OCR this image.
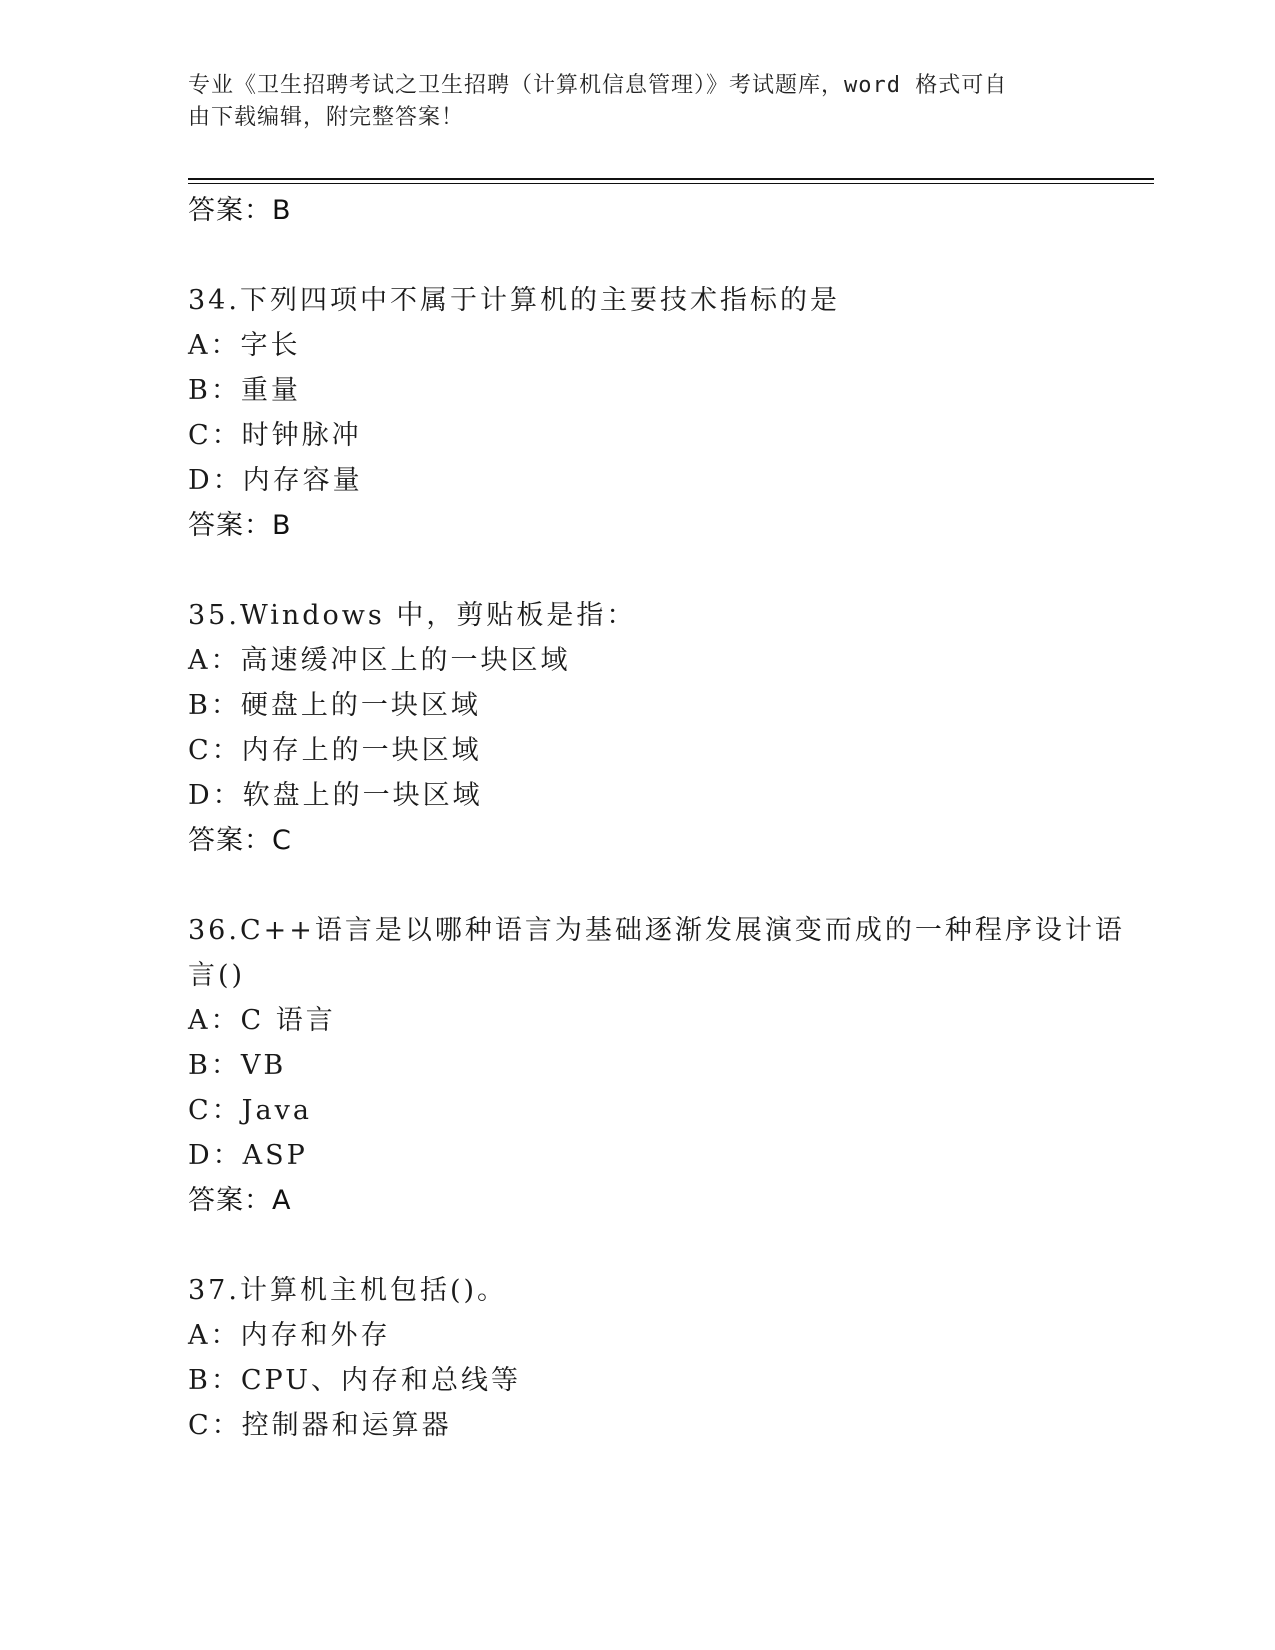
专业《卫生招聘考试之卫生招聘（计算机信息管理）》考试题库，word 格式可自
由下载编辑，附完整答案！
答案：B
34.下列四项中不属于计算机的主要技术指标的是
A：字长
B：重量
C：时钟脉冲
D：内存容量
答案：B
35.Windows 中，剪贴板是指：
A：高速缓冲区上的一块区域
B：硬盘上的一块区域
C：内存上的一块区域
D：软盘上的一块区域
答案：C
36.C++语言是以哪种语言为基础逐渐发展演变而成的一种程序设计语
言()
A：C 语言
B：VB
C：Java
D：ASP
答案：A
37.计算机主机包括()。
A：内存和外存
B：CPU、内存和总线等
C：控制器和运算器
